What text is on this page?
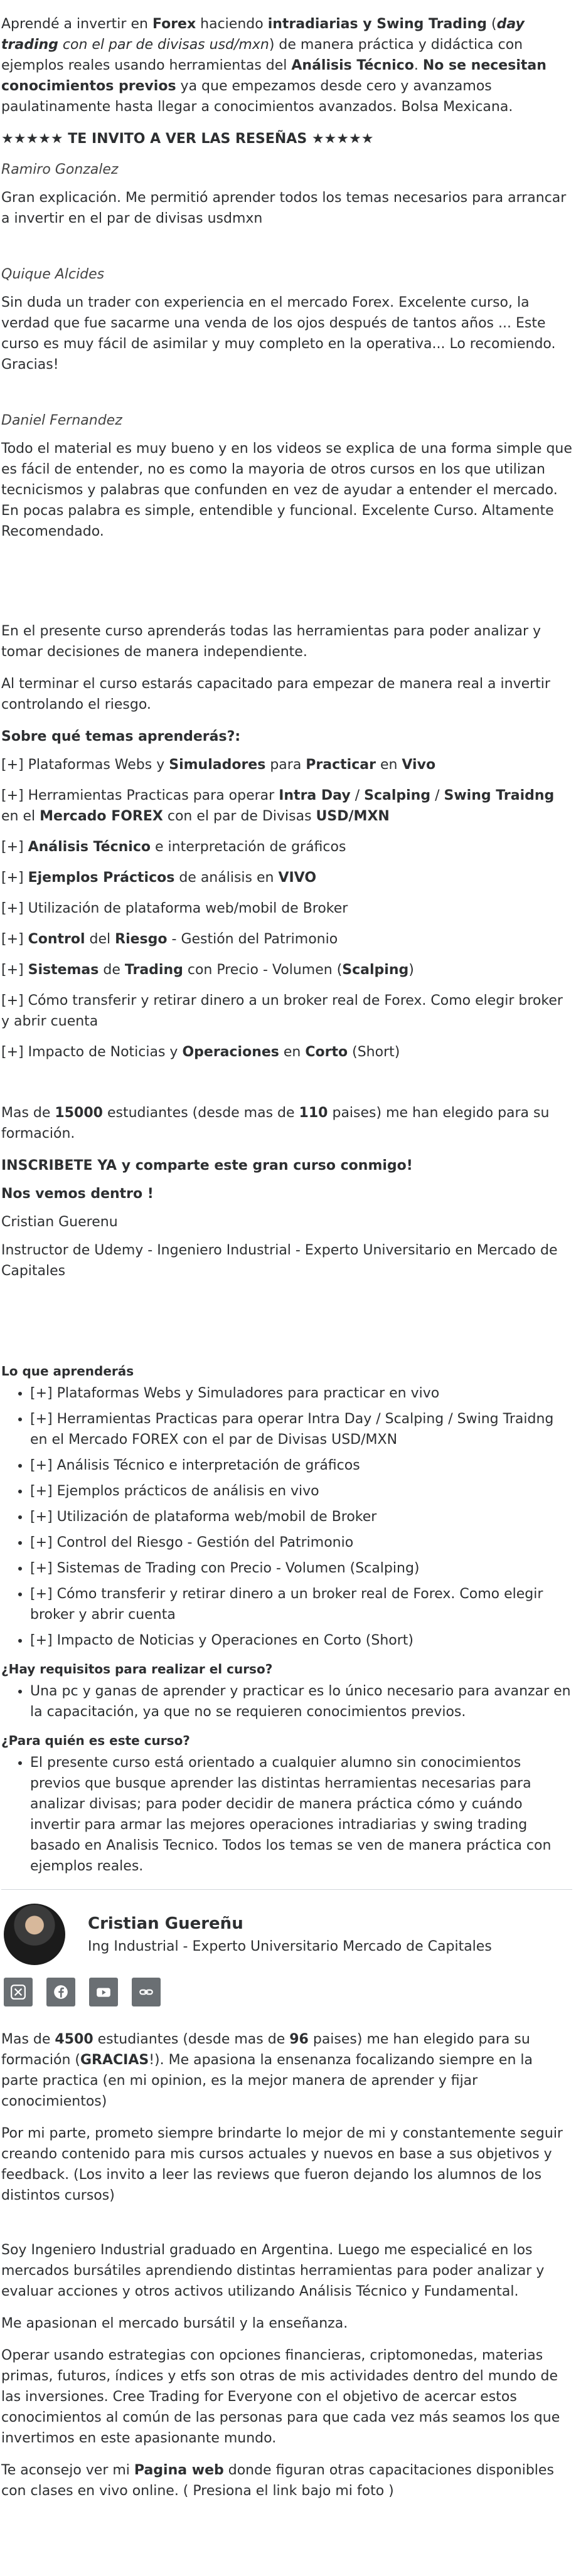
Aprendé a invertir en Forex haciendo intradiarias y Swing Trading (day trading con el par de divisas usd/mxn) de manera práctica y didáctica con ejemplos reales usando herramientas del Análisis Técnico. No se necesitan conocimientos previos ya que empezamos desde cero y avanzamos paulatinamente hasta llegar a conocimientos avanzados. Bolsa Mexicana.

★★★★★ TE INVITO A VER LAS RESEÑAS ★★★★★
Ramiro Gonzalez
Gran explicación. Me permitió aprender todos los temas necesarios para arrancar a invertir en el par de divisas usdmxn
Quique Alcides
Sin duda un trader con experiencia en el mercado Forex. Excelente curso, la verdad que fue sacarme una venda de los ojos después de tantos años ... Este curso es muy fácil de asimilar y muy completo en la operativa... Lo recomiendo. Gracias!
Daniel Fernandez
Todo el material es muy bueno y en los videos se explica de una forma simple que es fácil de entender, no es como la mayoria de otros cursos en los que utilizan tecnicismos y palabras que confunden en vez de ayudar a entender el mercado. En pocas palabra es simple, entendible y funcional. Excelente Curso. Altamente Recomendado.

En el presente curso aprenderás todas las herramientas para poder analizar y tomar decisiones de manera independiente.

Al terminar el curso estarás capacitado para empezar de manera real a invertir controlando el riesgo.

Sobre qué temas aprenderás?:

[+] Plataformas Webs y Simuladores para Practicar en Vivo

[+] Herramientas Practicas para operar Intra Day / Scalping / Swing Traidng en el Mercado FOREX con el par de Divisas USD/MXN

[+] Análisis Técnico e interpretación de gráficos

[+] Ejemplos Prácticos de análisis en VIVO

[+] Utilización de plataforma web/mobil de Broker

[+] Control del Riesgo - Gestión del Patrimonio

[+] Sistemas de Trading con Precio - Volumen (Scalping)

[+] Cómo transferir y retirar dinero a un broker real de Forex. Como elegir broker y abrir cuenta

[+] Impacto de Noticias y Operaciones en Corto (Short)

Mas de 15000 estudiantes (desde mas de 110 paises) me han elegido para su formación.

INSCRIBETE YA y comparte este gran curso conmigo!

Nos vemos dentro !

Cristian Guerenu

Instructor de Udemy - Ingeniero Industrial - Experto Universitario en Mercado de Capitales

Lo que aprenderás
• [+] Plataformas Webs y Simuladores para practicar en vivo
• [+] Herramientas Practicas para operar Intra Day / Scalping / Swing Traidng en el Mercado FOREX con el par de Divisas USD/MXN
• [+] Análisis Técnico e interpretación de gráficos
• [+] Ejemplos prácticos de análisis en vivo
• [+] Utilización de plataforma web/mobil de Broker
• [+] Control del Riesgo - Gestión del Patrimonio
• [+] Sistemas de Trading con Precio - Volumen (Scalping)
• [+] Cómo transferir y retirar dinero a un broker real de Forex. Como elegir broker y abrir cuenta
• [+] Impacto de Noticias y Operaciones en Corto (Short)
¿Hay requisitos para realizar el curso?
• Una pc y ganas de aprender y practicar es lo único necesario para avanzar en la capacitación, ya que no se requieren conocimientos previos.
¿Para quién es este curso?
• El presente curso está orientado a cualquier alumno sin conocimientos previos que busque aprender las distintas herramientas necesarias para analizar divisas; para poder decidir de manera práctica cómo y cuándo invertir para armar las mejores operaciones intradiarias y swing trading basado en Analisis Tecnico. Todos los temas se ven de manera práctica con ejemplos reales.
Cristian Guereñu
Ing Industrial - Experto Universitario Mercado de Capitales

Mas de 4500 estudiantes (desde mas de 96 paises) me han elegido para su formación (GRACIAS!). Me apasiona la ensenanza focalizando siempre en la parte practica (en mi opinion, es la mejor manera de aprender y fijar conocimientos)

Por mi parte, prometo siempre brindarte lo mejor de mi y constantemente seguir creando contenido para mis cursos actuales y nuevos en base a sus objetivos y feedback. (Los invito a leer las reviews que fueron dejando los alumnos de los distintos cursos)

Soy Ingeniero Industrial graduado en Argentina. Luego me especialicé en los mercados bursátiles aprendiendo distintas herramientas para poder analizar y evaluar acciones y otros activos utilizando Análisis Técnico y Fundamental.

Me apasionan el mercado bursátil y la enseñanza.

Operar usando estrategias con opciones financieras, criptomonedas, materias primas, futuros, índices y etfs son otras de mis actividades dentro del mundo de las inversiones. Cree Trading for Everyone con el objetivo de acercar estos conocimientos al común de las personas para que cada vez más seamos los que invertimos en este apasionante mundo.

Te aconsejo ver mi Pagina web donde figuran otras capacitaciones disponibles con clases en vivo online. ( Presiona el link bajo mi foto )
